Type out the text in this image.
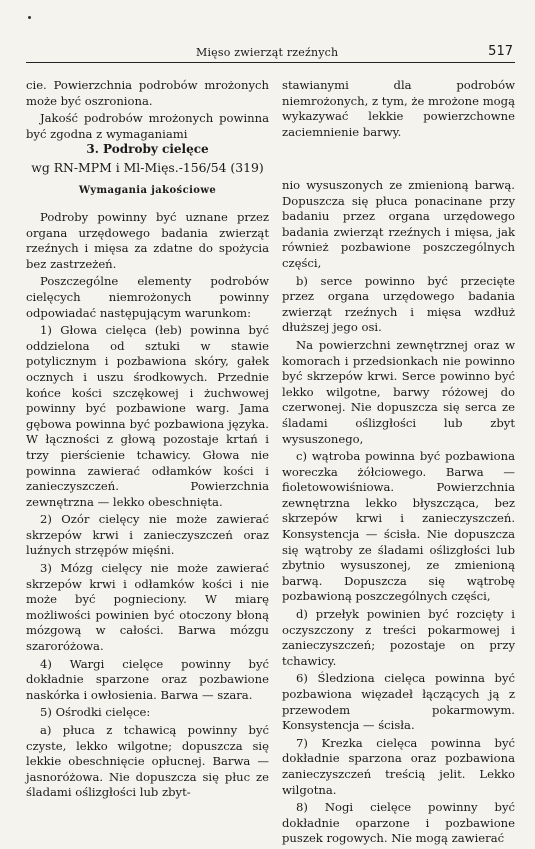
Mięso zwierząt rzeźnych	517

cie. Powierzchnia podrobów mrożonych może być oszroniona.

Jakość podrobów mrożonych powinna być zgodna z wymaganiami

stawianymi dla podrobów niemrożonych, z tym, że mrożone mogą wykazywać lekkie powierzchowne zaciemnienie barwy.

3. Podroby cielęce
wg RN-MPM i Ml-Mięs.-156/54 (319)
Wymagania jakościowe

Podroby powinny być uznane przez organa urzędowego badania zwierząt rzeźnych i mięsa za zdatne do spożycia bez zastrzeżeń.

Poszczególne elementy podrobów cielęcych niemrożonych powinny odpowiadać następującym warunkom:

1) Głowa cielęca (łeb) powinna być oddzielona od sztuki w stawie potylicznym i pozbawiona skóry, gałek ocznych i uszu środkowych. Przednie końce kości szczękowej i żuchwowej powinny być pozbawione warg. Jama gębowa powinna być pozbawiona języka. W łączności z głową pozostaje krtań i trzy pierścienie tchawicy. Głowa nie powinna zawierać odłamków kości i zanieczyszczeń. Powierzchnia zewnętrzna — lekko obeschnięta.

2) Ozór cielęcy nie może zawierać skrzepów krwi i zanieczyszczeń oraz luźnych strzępów mięśni.

3) Mózg cielęcy nie może zawierać skrzepów krwi i odłamków kości i nie może być pognieciony. W miarę możliwości powinien być otoczony błoną mózgową w całości. Barwa mózgu szaroróżowa.

4) Wargi cielęce powinny być dokładnie sparzone oraz pozbawione naskórka i owłosienia. Barwa — szara.

5) Ośrodki cielęce:

a) płuca z tchawicą powinny być czyste, lekko wilgotne; dopuszcza się lekkie obeschnięcie opłucnej. Barwa — jasnoróżowa. Nie dopuszcza się płuc ze śladami oślizgłości lub zbyt-

nio wysuszonych ze zmienioną barwą. Dopuszcza się płuca ponacinane przy badaniu przez organa urzędowego badania zwierząt rzeźnych i mięsa, jak również pozbawione poszczególnych części,

b) serce powinno być przecięte przez organa urzędowego badania zwierząt rzeźnych i mięsa wzdłuż dłuższej jego osi.

Na powierzchni zewnętrznej oraz w komorach i przedsionkach nie powinno być skrzepów krwi. Serce powinno być lekko wilgotne, barwy różowej do czerwonej. Nie dopuszcza się serca ze śladami oślizgłości lub zbyt wysuszonego,

c) wątroba powinna być pozbawiona woreczka żółciowego. Barwa — fioletowowiśniowa. Powierzchnia zewnętrzna lekko błyszcząca, bez skrzepów krwi i zanieczyszczeń. Konsystencja — ścisła. Nie dopuszcza się wątroby ze śladami oślizgłości lub zbytnio wysuszonej, ze zmienioną barwą. Dopuszcza się wątrobę pozbawioną poszczególnych części,

d) przełyk powinien być rozcięty i oczyszczony z treści pokarmowej i zanieczyszczeń; pozostaje on przy tchawicy.

6) Śledziona cielęca powinna być pozbawiona więzadeł łączących ją z przewodem pokarmowym. Konsystencja — ścisła.

7) Krezka cielęca powinna być dokładnie sparzona oraz pozbawiona zanieczyszczeń treścią jelit. Lekko wilgotna.

8) Nogi cielęce powinny być dokładnie oparzone i pozbawione puszek rogowych. Nie mogą zawierać
